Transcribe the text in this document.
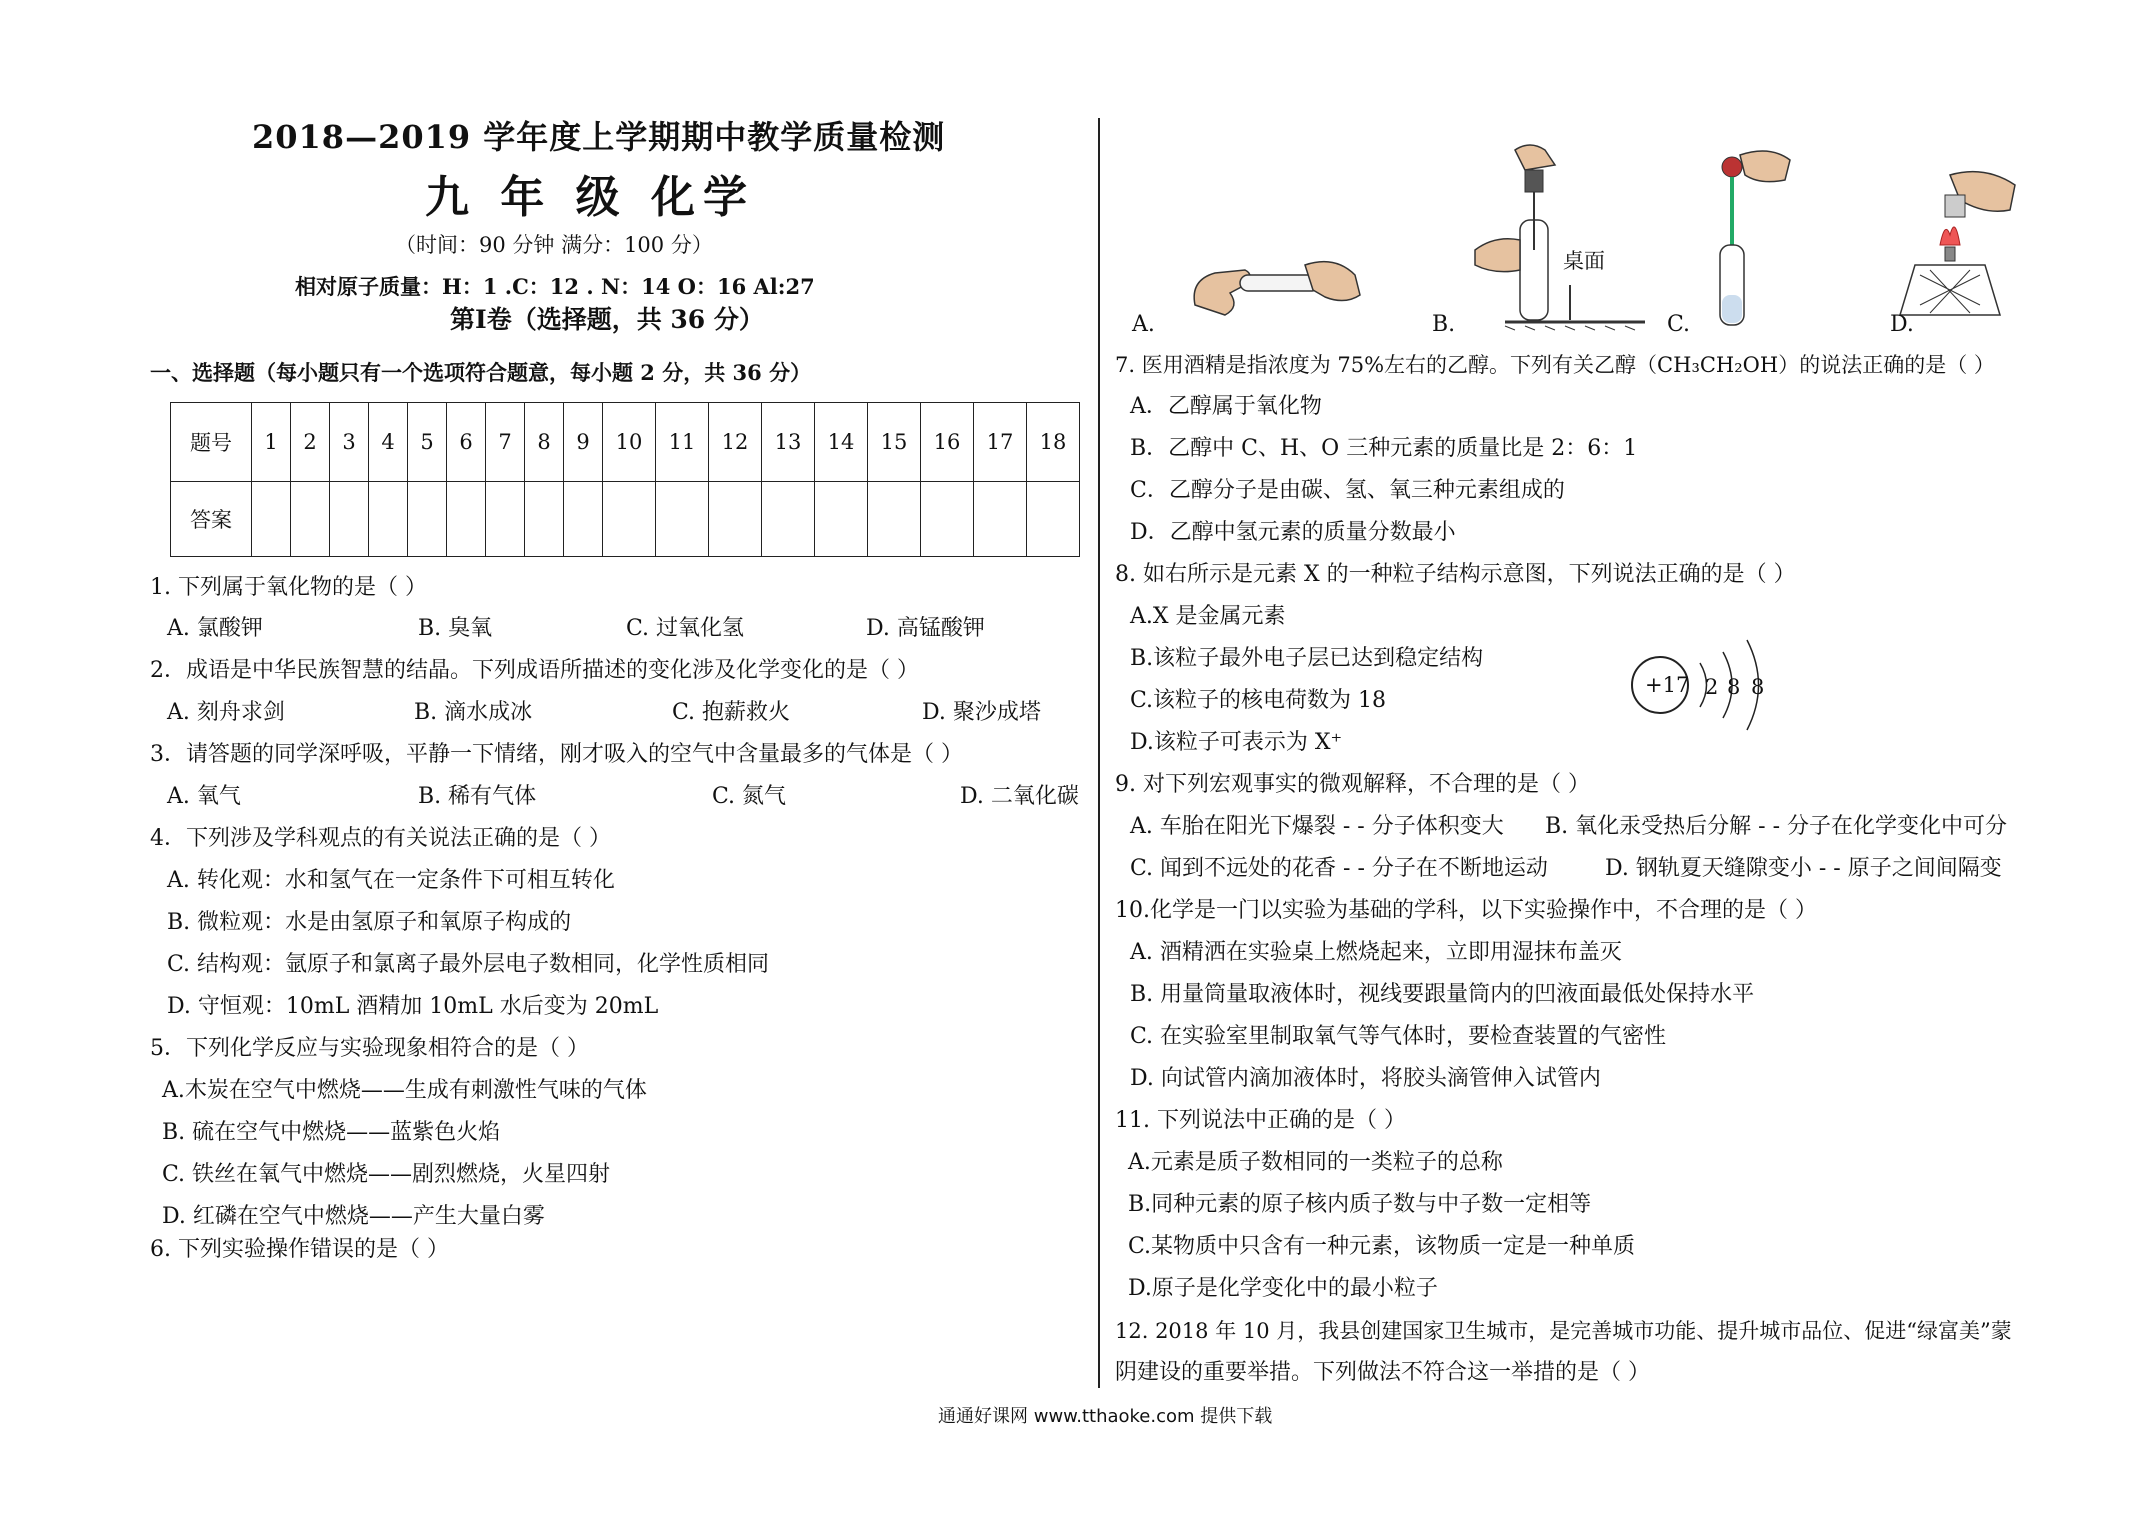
2018—2019 学年度上学期期中教学质量检测
九 年 级 化学
（时间：90 分钟 满分：100 分）
相对原子质量：H：1 .C：12 . N：14 O：16 Al:27
第Ⅰ卷（选择题，共 36 分）
一、选择题（每小题只有一个选项符合题意，每小题 2 分，共 36 分）
题号	1	2	3	4	5	6	7	8	9	10	11	12	13	14	15	16	17	18
答案																		
1. 下列属于氧化物的是（ ）
A. 氯酸钾	B. 臭氧	C. 过氧化氢	D. 高锰酸钾
2．成语是中华民族智慧的结晶。下列成语所描述的变化涉及化学变化的是（ ）
A. 刻舟求剑	B. 滴水成冰	C. 抱薪救火	D. 聚沙成塔
3．请答题的同学深呼吸，平静一下情绪，刚才吸入的空气中含量最多的气体是（ ）
A. 氧气	B. 稀有气体	C. 氮气	D. 二氧化碳
4．下列涉及学科观点的有关说法正确的是（ ）
A. 转化观：水和氢气在一定条件下可相互转化
B. 微粒观：水是由氢原子和氧原子构成的
C. 结构观：氩原子和氯离子最外层电子数相同，化学性质相同
D. 守恒观：10mL 酒精加 10mL 水后变为 20mL
5．下列化学反应与实验现象相符合的是（ ）
A.木炭在空气中燃烧——生成有刺激性气味的气体
B. 硫在空气中燃烧——蓝紫色火焰
C. 铁丝在氧气中燃烧——剧烈燃烧，火星四射
D. 红磷在空气中燃烧——产生大量白雾
6. 下列实验操作错误的是（ ）
A.
桌面
B.	C.	D.
7. 医用酒精是指浓度为 75%左右的乙醇。下列有关乙醇（CH₃CH₂OH）的说法正确的是（ ）
A．乙醇属于氧化物
B．乙醇中 C、H、O 三种元素的质量比是 2：6：1
C．乙醇分子是由碳、氢、氧三种元素组成的
D．乙醇中氢元素的质量分数最小
8. 如右所示是元素 X 的一种粒子结构示意图，下列说法正确的是（ ）
A.X 是金属元素
B.该粒子最外电子层已达到稳定结构
C.该粒子的核电荷数为 18
D.该粒子可表示为 X⁺
+17 2 8 8
9. 对下列宏观事实的微观解释，不合理的是（ ）
A. 车胎在阳光下爆裂 - - 分子体积变大 B. 氧化汞受热后分解 - - 分子在化学变化中可分
C. 闻到不远处的花香 - - 分子在不断地运动	D. 钢轨夏天缝隙变小 - - 原子之间间隔变
10.化学是一门以实验为基础的学科，以下实验操作中，不合理的是（ ）
A. 酒精洒在实验桌上燃烧起来，立即用湿抹布盖灭
B. 用量筒量取液体时，视线要跟量筒内的凹液面最低处保持水平
C. 在实验室里制取氧气等气体时，要检查装置的气密性
D. 向试管内滴加液体时，将胶头滴管伸入试管内
11. 下列说法中正确的是（ ）
A.元素是质子数相同的一类粒子的总称
B.同种元素的原子核内质子数与中子数一定相等
C.某物质中只含有一种元素，该物质一定是一种单质
D.原子是化学变化中的最小粒子
12. 2018 年 10 月，我县创建国家卫生城市，是完善城市功能、提升城市品位、促进“绿富美”蒙
阴建设的重要举措。下列做法不符合这一举措的是（ ）
通通好课网 www.tthaoke.com 提供下载
